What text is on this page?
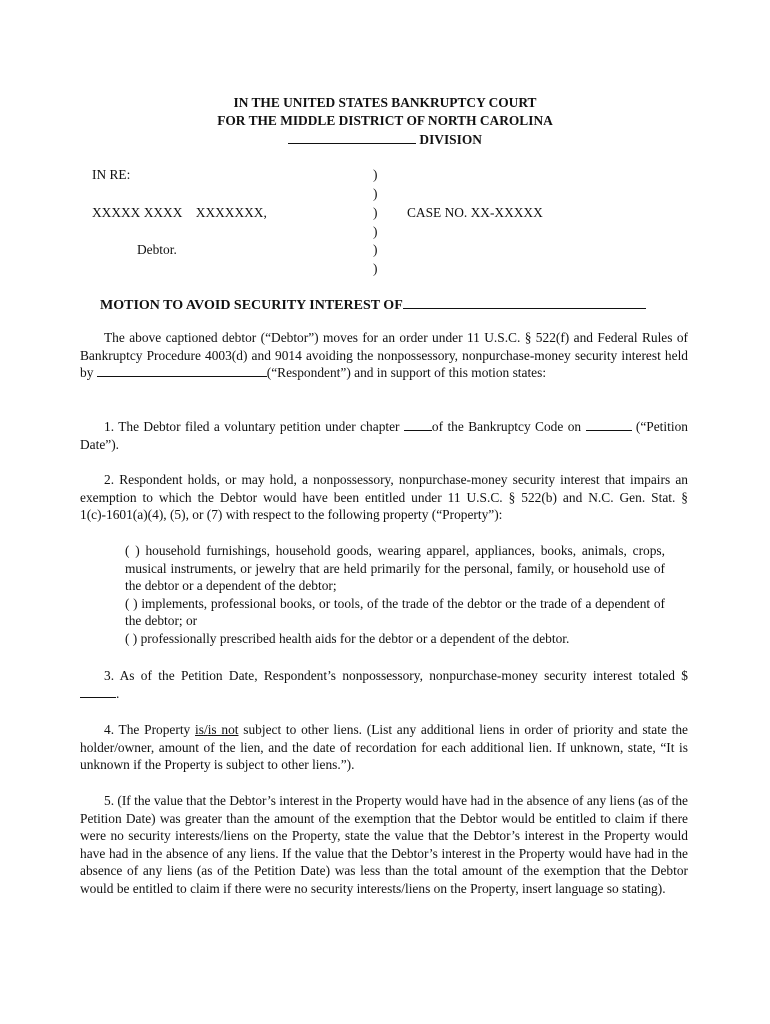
IN THE UNITED STATES BANKRUPTCY COURT
FOR THE MIDDLE DISTRICT OF NORTH CAROLINA
DIVISION
IN RE:
XXXXX XXXX    XXXXXXX,
Debtor.
)
)
)
)
)
)
CASE NO. XX-XXXXX
MOTION TO AVOID SECURITY INTEREST OF

The above captioned debtor (“Debtor”) moves for an order under 11 U.S.C. § 522(f) and Federal Rules of Bankruptcy Procedure 4003(d) and 9014 avoiding the nonpossessory, nonpurchase-money security interest held by	(“Respondent”) and in support of this motion states:

1. The Debtor filed a voluntary petition under chapter of the Bankruptcy Code on	(“Petition Date”).

2. Respondent holds, or may hold, a nonpossessory, nonpurchase-money security interest that impairs an exemption to which the Debtor would have been entitled under 11 U.S.C. § 522(b) and N.C. Gen. Stat. § 1(c)-1601(a)(4), (5), or (7) with respect to the following property (“Property”):

( ) household furnishings, household goods, wearing apparel, appliances, books, animals, crops, musical instruments, or jewelry that are held primarily for the personal, family, or household use of the debtor or a dependent of the debtor;

( ) implements, professional books, or tools, of the trade of the debtor or the trade of a dependent of the debtor; or

( ) professionally prescribed health aids for the debtor or a dependent of the debtor.

3. As of the Petition Date, Respondent’s nonpossessory, nonpurchase-money security interest totaled $.

4. The Property is/is not subject to other liens. (List any additional liens in order of priority and state the holder/owner, amount of the lien, and the date of recordation for each additional lien. If unknown, state, “It is unknown if the Property is subject to other liens.”).

5. (If the value that the Debtor’s interest in the Property would have had in the absence of any liens (as of the Petition Date) was greater than the amount of the exemption that the Debtor would be entitled to claim if there were no security interests/liens on the Property, state the value that the Debtor’s interest in the Property would have had in the absence of any liens. If the value that the Debtor’s interest in the Property would have had in the absence of any liens (as of the Petition Date) was less than the total amount of the exemption that the Debtor would be entitled to claim if there were no security interests/liens on the Property, insert language so stating).
